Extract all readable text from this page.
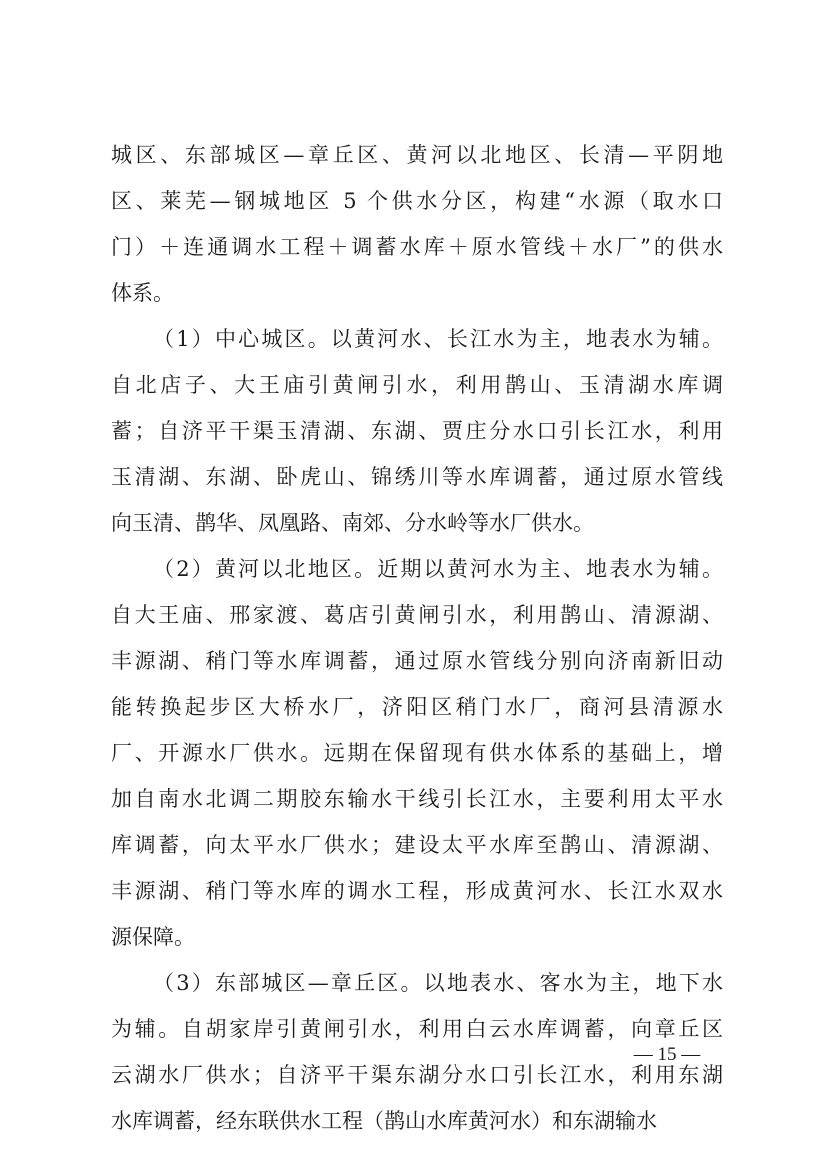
城区、东部城区—章丘区、黄河以北地区、长清—平阴地
区、莱芜—钢城地区 5 个供水分区，构建“水源（取水口
门）＋连通调水工程＋调蓄水库＋原水管线＋水厂”的供水
体系。
（1）中心城区。以黄河水、长江水为主，地表水为辅。
自北店子、大王庙引黄闸引水，利用鹊山、玉清湖水库调
蓄；自济平干渠玉清湖、东湖、贾庄分水口引长江水，利用
玉清湖、东湖、卧虎山、锦绣川等水库调蓄，通过原水管线
向玉清、鹊华、凤凰路、南郊、分水岭等水厂供水。
（2）黄河以北地区。近期以黄河水为主、地表水为辅。
自大王庙、邢家渡、葛店引黄闸引水，利用鹊山、清源湖、
丰源湖、稍门等水库调蓄，通过原水管线分别向济南新旧动
能转换起步区大桥水厂，济阳区稍门水厂，商河县清源水
厂、开源水厂供水。远期在保留现有供水体系的基础上，增
加自南水北调二期胶东输水干线引长江水，主要利用太平水
库调蓄，向太平水厂供水；建设太平水库至鹊山、清源湖、
丰源湖、稍门等水库的调水工程，形成黄河水、长江水双水
源保障。
（3）东部城区—章丘区。以地表水、客水为主，地下水
为辅。自胡家岸引黄闸引水，利用白云水库调蓄，向章丘区
云湖水厂供水；自济平干渠东湖分水口引长江水，利用东湖
水库调蓄，经东联供水工程（鹊山水库黄河水）和东湖输水
— 15 —
